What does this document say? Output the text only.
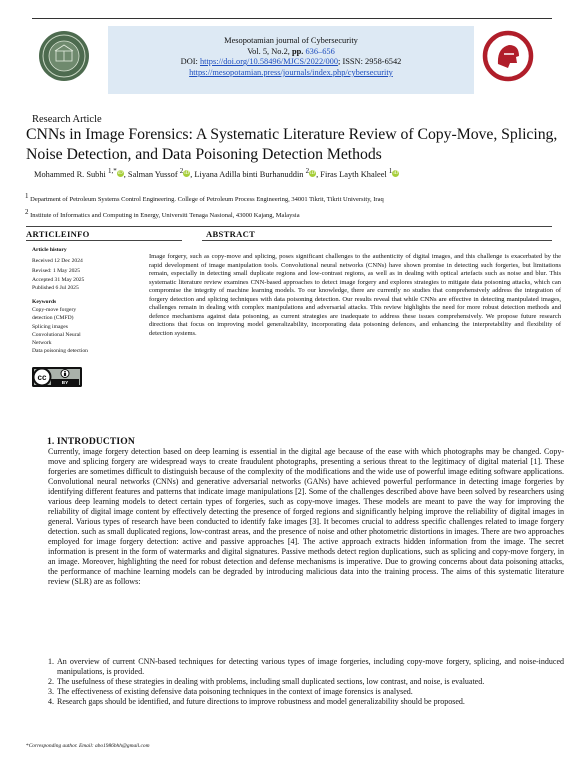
Mesopotamian journal of Cybersecurity
Vol. 5, No.2, pp. 636–656
DOI: https://doi.org/10.58496/MJCS/2022/000; ISSN: 2958-6542
https://mesopotamian.press/journals/index.php/cybersecurity
Research Article
CNNs in Image Forensics: A Systematic Literature Review of Copy-Move, Splicing, Noise Detection, and Data Poisoning Detection Methods
Mohammed R. Subhi $^{1,*}$iD, Salman Yussof $^2$iD, Liyana Adilla binti Burhanuddin $^2$iD, Firas Layth Khaleel $^1$iD
$^1$ Department of Petroleum Systems Control Engineering. College of Petroleum Process Engineering, 34001 Tikrit, Tikrit University, Iraq
$^2$ Institute of Informatics and Computing in Energy, Universiti Tenaga Nasional, 43000 Kajang, Malaysia
ARTICLEINFO	ABSTRACT
Article history
Received 12 Dec 2024
Revised: 1 May 2025
Accepted 31 May 2025
Published 6 Jul 2025
Keywords
Copy-move forgery
detection (CMFD)
Splicing images
Convolutional Neural
Network
Data poisoning detection
cc
BY
Image forgery, such as copy-move and splicing, poses significant challenges to the authenticity of digital images, and this challenge is exacerbated by the rapid development of image manipulation tools. Convolutional neural networks (CNNs) have shown promise in detecting such forgeries, but limitations remain, especially in detecting small duplicate regions and low-contrast regions, as well as in dealing with optical artefacts such as noise and blur. This systematic literature review examines CNN-based approaches to detect image forgery and explores strategies to mitigate data poisoning attacks, which can compromise the integrity of machine learning models. To our knowledge, there are currently no studies that comprehensively address the integration of forgery detection and splicing techniques with data poisoning detection. Our results reveal that while CNNs are effective in detecting manipulated images, challenges remain in dealing with complex manipulations and adversarial attacks. This review highlights the need for more robust detection methods and defence mechanisms against data poisoning, as current strategies are inadequate to address these issues comprehensively. We propose future research directions that focus on improving model generalizability, incorporating data poisoning defences, and enhancing the interpretability and flexibility of detection systems.
1. INTRODUCTION
Currently, image forgery detection based on deep learning is essential in the digital age because of the ease with which photographs may be changed. Copy-move and splicing forgery are widespread ways to create fraudulent photographs, presenting a serious threat to the legitimacy of digital material [1]. These forgeries are sometimes difficult to distinguish because of the complexity of the modifications and the wide use of powerful image editing software applications. Convolutional neural networks (CNNs) and generative adversarial networks (GANs) have achieved powerful performance in detecting image forgeries by identifying different features and patterns that indicate image manipulations [2]. Some of the challenges described above have been solved by researchers using various deep learning models to detect certain types of forgeries, such as copy-move images. These models are meant to pave the way for improving the reliability of digital image content by effectively detecting the presence of forged regions and significantly helping improve the reliability of digital images in general. Various types of research have been conducted to identify fake images [3]. It becomes crucial to address specific challenges related to image forgery detection. such as small duplicated regions, low-contrast areas, and the presence of noise and other photometric distortions in images. There are two approaches employed for image forgery detection: active and passive approaches [4]. The active approach extracts hidden information from the image. The secret information is present in the form of watermarks and digital signatures. Passive methods detect region duplications, such as splicing and copy-move forgery, in an image. Moreover, highlighting the need for robust detection and defense mechanisms is imperative. Due to growing concerns about data poisoning attacks, the performance of machine learning models can be degraded by introducing malicious data into the training process. The aims of this systematic literature review (SLR) are as follows:
1. An overview of current CNN-based techniques for detecting various types of image forgeries, including copy-move forgery, splicing, and noise-induced manipulations, is provided.
2. The usefulness of these strategies in dealing with problems, including small duplicated sections, low contrast, and noise, is evaluated.
3. The effectiveness of existing defensive data poisoning techniques in the context of image forensics is analysed.
4. Research gaps should be identified, and future directions to improve robustness and model generalizability should be proposed.
*Corresponding author. Email: abo1986bhh@gmail.com
